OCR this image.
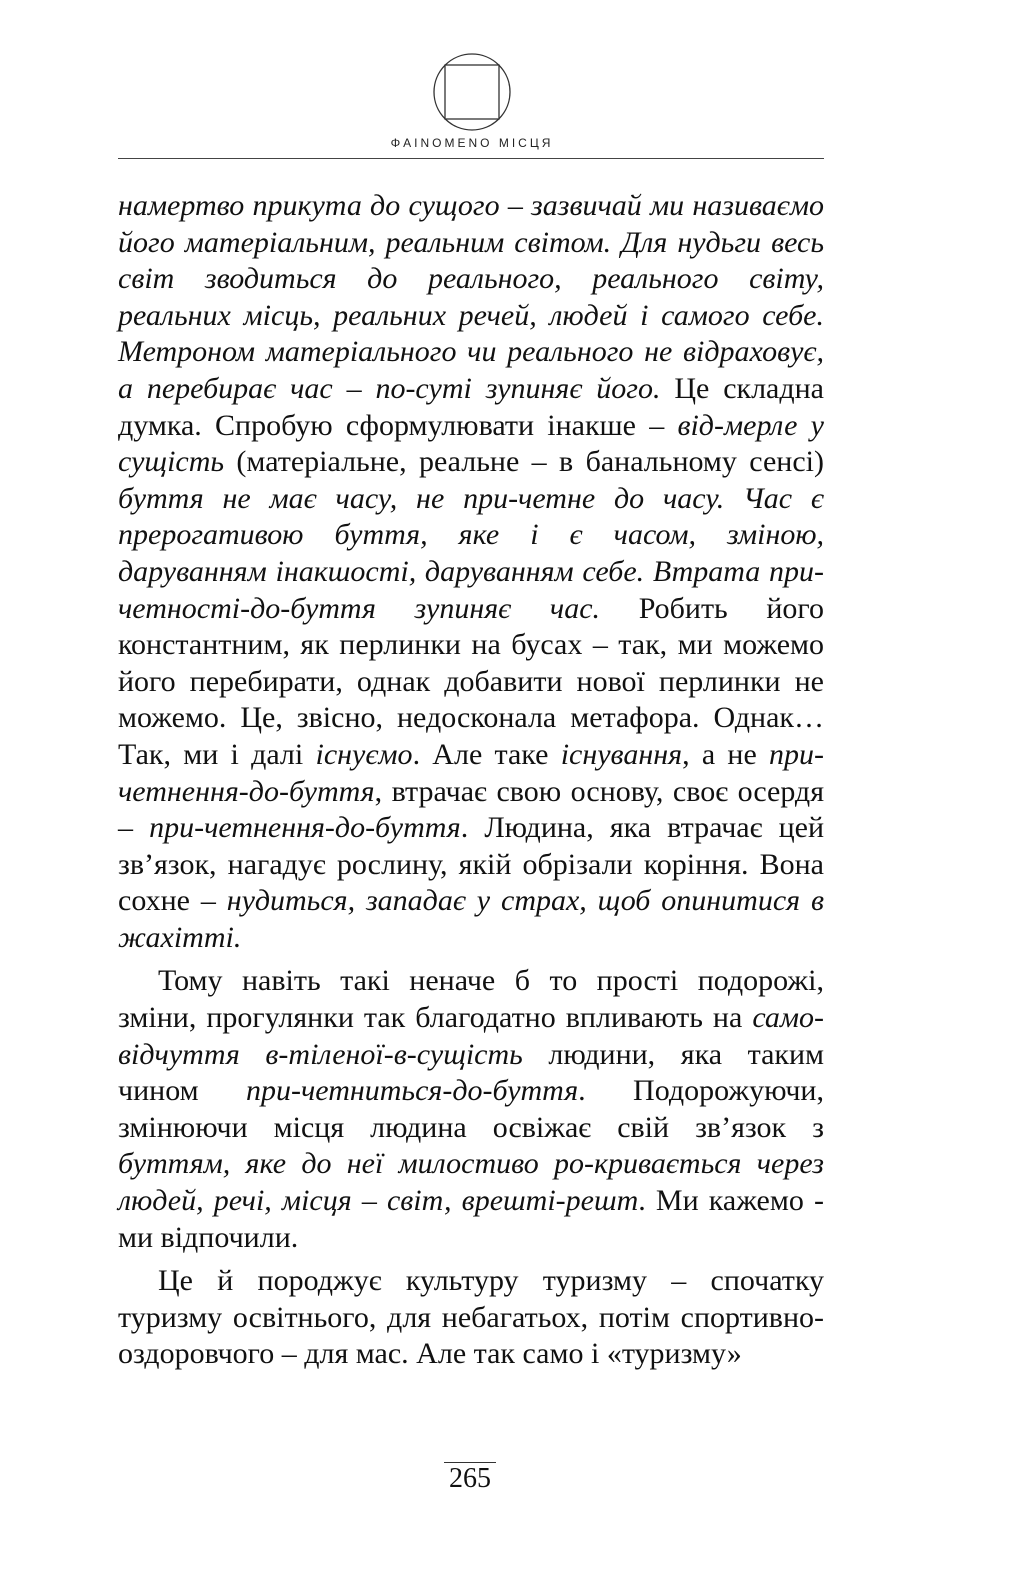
ΦAINOMENO МІСЦЯ

намертво прикута до сущого – зазвичай ми називаємо його матеріальним, реальним світом. Для нудьги весь світ зводиться до реального, реального світу, реальних місць, реальних речей, людей і самого себе. Метроном матеріального чи реального не відраховує, а перебирає час – по-суті зупиняє його. Це складна думка. Спробую сформулювати інакше – від-мерле у сущість (матеріальне, реальне – в банальному сенсі) буття не має часу, не при-четне до часу. Час є прерогативою буття, яке і є часом, зміною, даруванням інакшості, даруванням себе. Втрата при-четності-до-буття зупиняє час. Робить його константним, як перлинки на бусах – так, ми можемо його перебирати, однак добавити нової перлинки не можемо. Це, звісно, недосконала метафора. Однак… Так, ми і далі існуємо. Але таке існування, а не при-четнення-до-буття, втрачає свою основу, своє осердя – при-четнення-до-буття. Людина, яка втрачає цей зв’язок, нагадує рослину, якій обрізали коріння. Вона сохне – нудиться, западає у страх, щоб опинитися в жахітті.

Тому навіть такі неначе б то прості подорожі, зміни, прогулянки так благодатно впливають на само-відчуття в-тіленої-в-сущість людини, яка таким чином при-четниться-до-буття. Подорожуючи, змінюючи місця людина освіжає свій зв’язок з буттям, яке до неї милостиво ро-кривається через людей, речі, місця – світ, врешті-решт. Ми кажемо - ми відпочили.

Це й породжує культуру туризму – спочатку туризму освітнього, для небагатьох, потім спортивно-оздоровчого – для мас. Але так само і «туризму»

265
